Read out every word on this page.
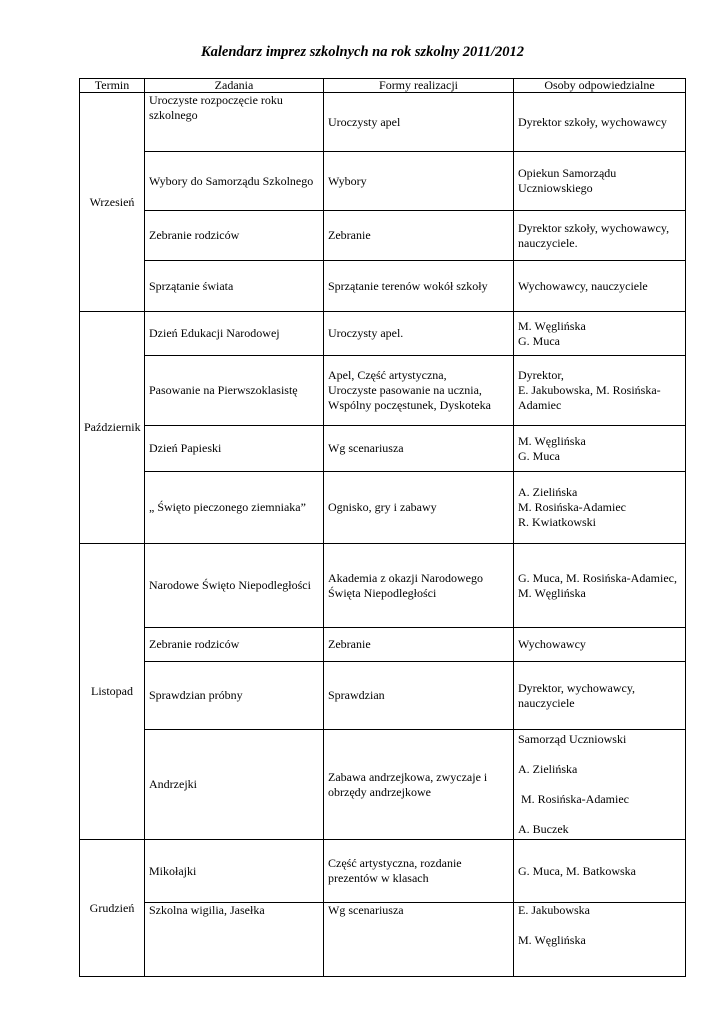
Kalendarz imprez szkolnych na rok szkolny 2011/2012
Termin	Zadania	Formy realizacji	Osoby odpowiedzialne
Wrzesień	Uroczyste rozpoczęcie roku szkolnego	Uroczysty apel	Dyrektor szkoły, wychowawcy
	Wybory do Samorządu Szkolnego	Wybory	Opiekun Samorządu
Uczniowskiego
	Zebranie rodziców	Zebranie	Dyrektor szkoły, wychowawcy,
nauczyciele.
	Sprzątanie świata	Sprzątanie terenów wokół szkoły	Wychowawcy, nauczyciele
Październik	Dzień Edukacji Narodowej	Uroczysty apel.	M. Węglińska
G. Muca
	Pasowanie na Pierwszoklasistę	Apel, Część artystyczna,
Uroczyste pasowanie na ucznia,
Wspólny poczęstunek, Dyskoteka	Dyrektor,
E. Jakubowska, M. Rosińska-
Adamiec
	Dzień Papieski	Wg scenariusza	M. Węglińska
G. Muca
	„ Święto pieczonego ziemniaka”	Ognisko, gry i zabawy	A. Zielińska
M. Rosińska-Adamiec
R. Kwiatkowski
Listopad	Narodowe Święto Niepodległości	Akademia z okazji Narodowego
Święta Niepodległości	G. Muca, M. Rosińska-Adamiec,
M. Węglińska
	Zebranie rodziców	Zebranie	Wychowawcy
	Sprawdzian próbny	Sprawdzian	Dyrektor, wychowawcy,
nauczyciele
	Andrzejki	Zabawa andrzejkowa, zwyczaje i
obrzędy andrzejkowe	Samorząd Uczniowski
A. Zielińska
M. Rosińska-Adamiec
A. Buczek

Grudzień	Mikołajki	Część artystyczna, rozdanie
prezentów w klasach	G. Muca, M. Batkowska
	Szkolna wigilia, Jasełka	Wg scenariusza	E. Jakubowska
M. Węglińska
